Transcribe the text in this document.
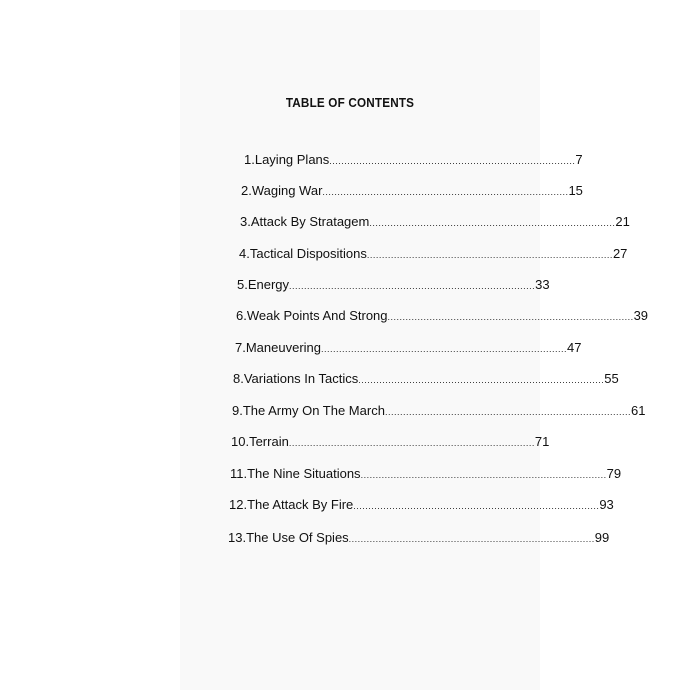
TABLE OF CONTENTS
1.Laying Plans .................................................................................. 7
2.Waging War .................................................................................. 15
3.Attack By Stratagem .................................................................................. 21
4.Tactical Dispositions .................................................................................. 27
5.Energy .................................................................................. 33
6.Weak Points And Strong .................................................................................. 39
7.Maneuvering .................................................................................. 47
8.Variations In Tactics .................................................................................. 55
9.The Army On The March .................................................................................. 61
10.Terrain .................................................................................. 71
11.The Nine Situations .................................................................................. 79
12.The Attack By Fire .................................................................................. 93
13.The Use Of Spies .................................................................................. 99
